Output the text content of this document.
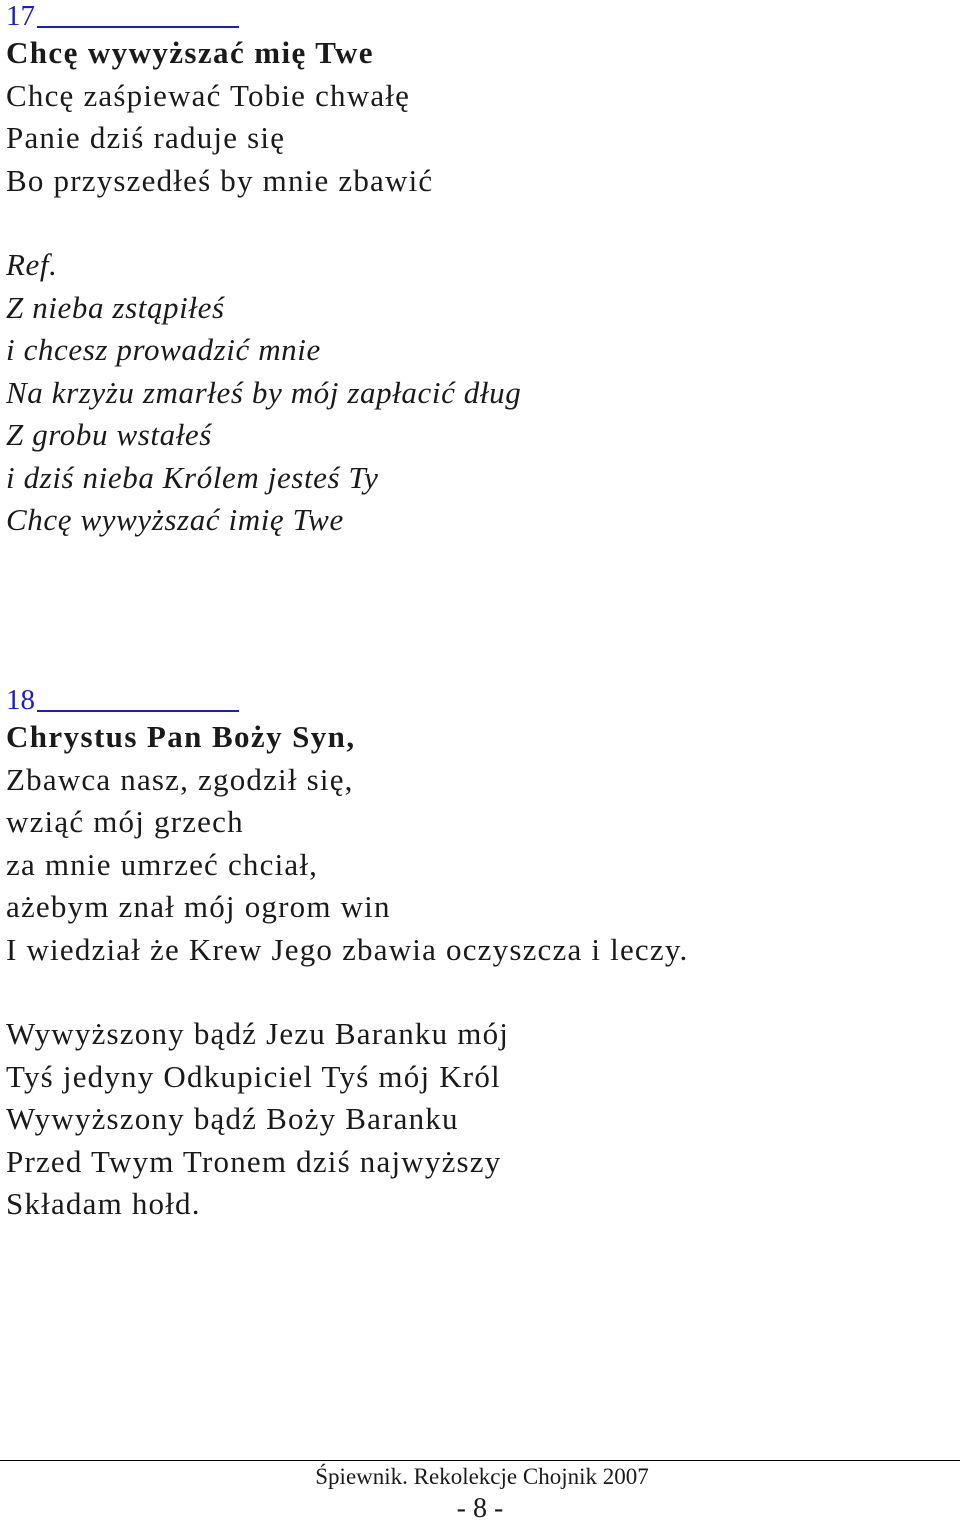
17
Chcę wywyższać mię Twe
Chcę zaśpiewać Tobie chwałę
Panie dziś raduje się
Bo przyszedłeś by mnie zbawić
Ref.
Z nieba zstąpiłeś
i chcesz prowadzić mnie
Na krzyżu zmarłeś by mój zapłacić dług
Z grobu wstałeś
i dziś nieba Królem jesteś Ty
Chcę wywyższać imię Twe
18
Chrystus Pan Boży Syn,
Zbawca nasz, zgodził się,
wziąć mój grzech
za mnie umrzeć chciał,
ażebym znał mój ogrom win
I wiedział że Krew Jego zbawia oczyszcza i leczy.
Wywyższony bądź Jezu Baranku mój
Tyś jedyny Odkupiciel Tyś mój Król
Wywyższony bądź Boży Baranku
Przed Twym Tronem dziś najwyższy
Składam hołd.
Śpiewnik. Rekolekcje Chojnik 2007
- 8 -
